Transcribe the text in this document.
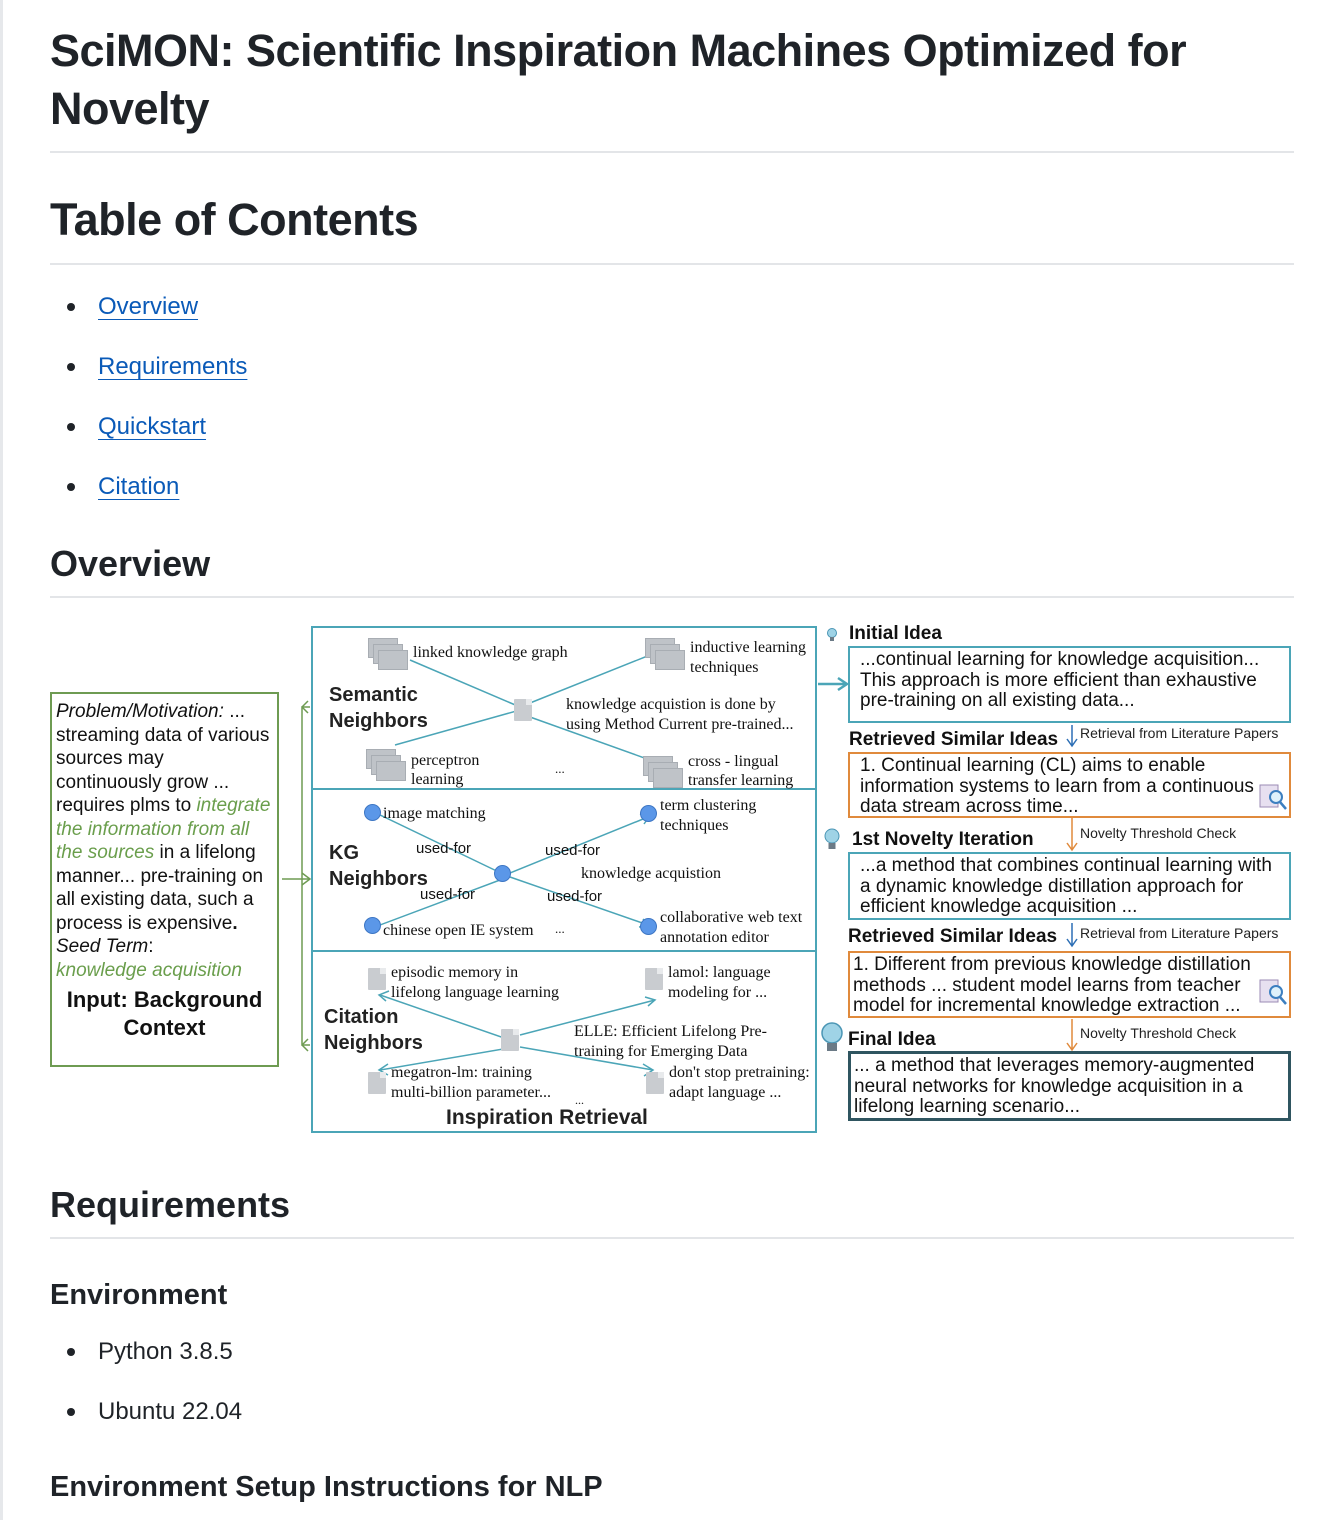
SciMON: Scientific Inspiration Machines Optimized for Novelty
Table of Contents
Overview
Requirements
Quickstart
Citation
Overview
Problem/Motivation: ... streaming data of various sources may continuously grow ... requires plms to integrate the information from all the sources in a lifelong manner... pre-training on all existing data, such a process is expensive. Seed Term:
knowledge acquisition
Input: Background Context
linked knowledge graph	inductive learning
techniques
Semantic
Neighbors
knowledge acquistion is done by
using Method Current pre-trained...
perceptron
learning
...	cross - lingual
transfer learning
image matching	term clustering
techniques
used-for	used-for
KG
Neighbors	knowledge acquistion
used-for	used-for
chinese open IE system ...
collaborative web text
annotation editor
episodic memory in
lifelong language learning
lamol: language
modeling for ...
Citation
Neighbors
ELLE: Efficient Lifelong Pre-
training for Emerging Data
megatron-lm: training
multi-billion parameter... ...
don't stop pretraining:
adapt language ...
Inspiration Retrieval
Initial Idea
...continual learning for knowledge acquisition... This approach is more efficient than exhaustive pre-training on all existing data...
Retrieved Similar Ideas Retrieval from Literature Papers
1. Continual learning (CL) aims to enable information systems to learn from a continuous data stream across time...
1st Novelty Iteration	Novelty Threshold Check
...a method that combines continual learning with a dynamic knowledge distillation approach for efficient knowledge acquisition ...
Retrieved Similar Ideas Retrieval from Literature Papers
1. Different from previous knowledge distillation methods ... student model learns from teacher model for incremental knowledge extraction ...
Final Idea	Novelty Threshold Check
... a method that leverages memory-augmented neural networks for knowledge acquisition in a lifelong learning scenario...
Requirements
Environment
Python 3.8.5
Ubuntu 22.04
Environment Setup Instructions for NLP
